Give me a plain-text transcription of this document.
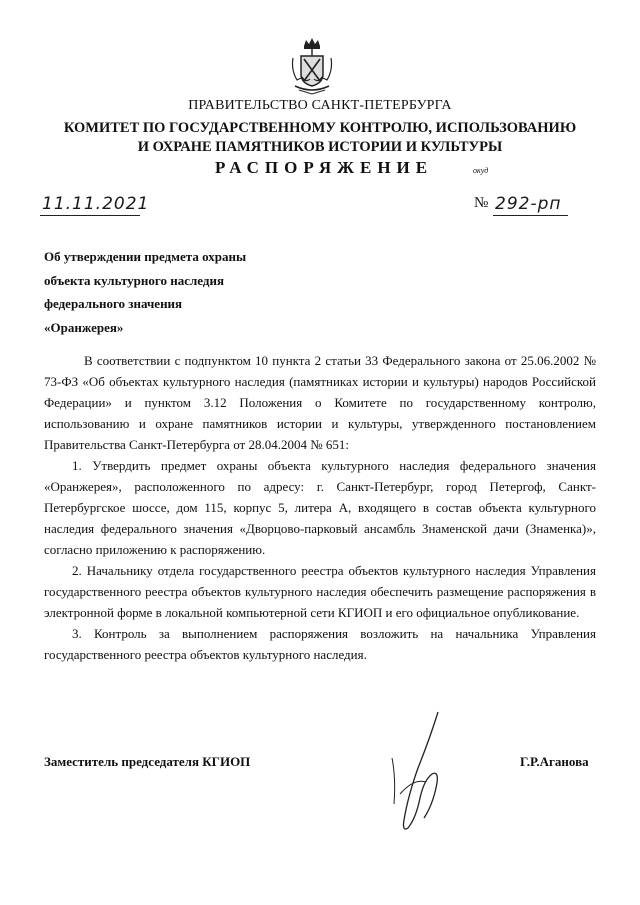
ПРАВИТЕЛЬСТВО САНКТ-ПЕТЕРБУРГА
КОМИТЕТ ПО ГОСУДАРСТВЕННОМУ КОНТРОЛЮ, ИСПОЛЬЗОВАНИЮ
И ОХРАНЕ ПАМЯТНИКОВ ИСТОРИИ И КУЛЬТУРЫ
РАСПОРЯЖЕНИЕ	окуд
11.11.2021	№ 292-рп
Об утверждении предмета охраны
объекта культурного наследия
федерального значения
«Оранжерея»

В соответствии с подпунктом 10 пункта 2 статьи 33 Федерального закона от 25.06.2002 № 73-ФЗ «Об объектах культурного наследия (памятниках истории и культуры) народов Российской Федерации» и пунктом 3.12 Положения о Комитете по государственному контролю, использованию и охране памятников истории и культуры, утвержденного постановлением Правительства Санкт-Петербурга от 28.04.2004 № 651:

1. Утвердить предмет охраны объекта культурного наследия федерального значения «Оранжерея», расположенного по адресу: г. Санкт-Петербург, город Петергоф, Санкт-Петербургское шоссе, дом 115, корпус 5, литера А, входящего в состав объекта культурного наследия федерального значения «Дворцово-парковый ансамбль Знаменской дачи (Знаменка)», согласно приложению к распоряжению.

2. Начальнику отдела государственного реестра объектов культурного наследия Управления государственного реестра объектов культурного наследия обеспечить размещение распоряжения в электронной форме в локальной компьютерной сети КГИОП и его официальное опубликование.

3. Контроль за выполнением распоряжения возложить на начальника Управления государственного реестра объектов культурного наследия.

Заместитель председателя КГИОП	Г.Р.Аганова
